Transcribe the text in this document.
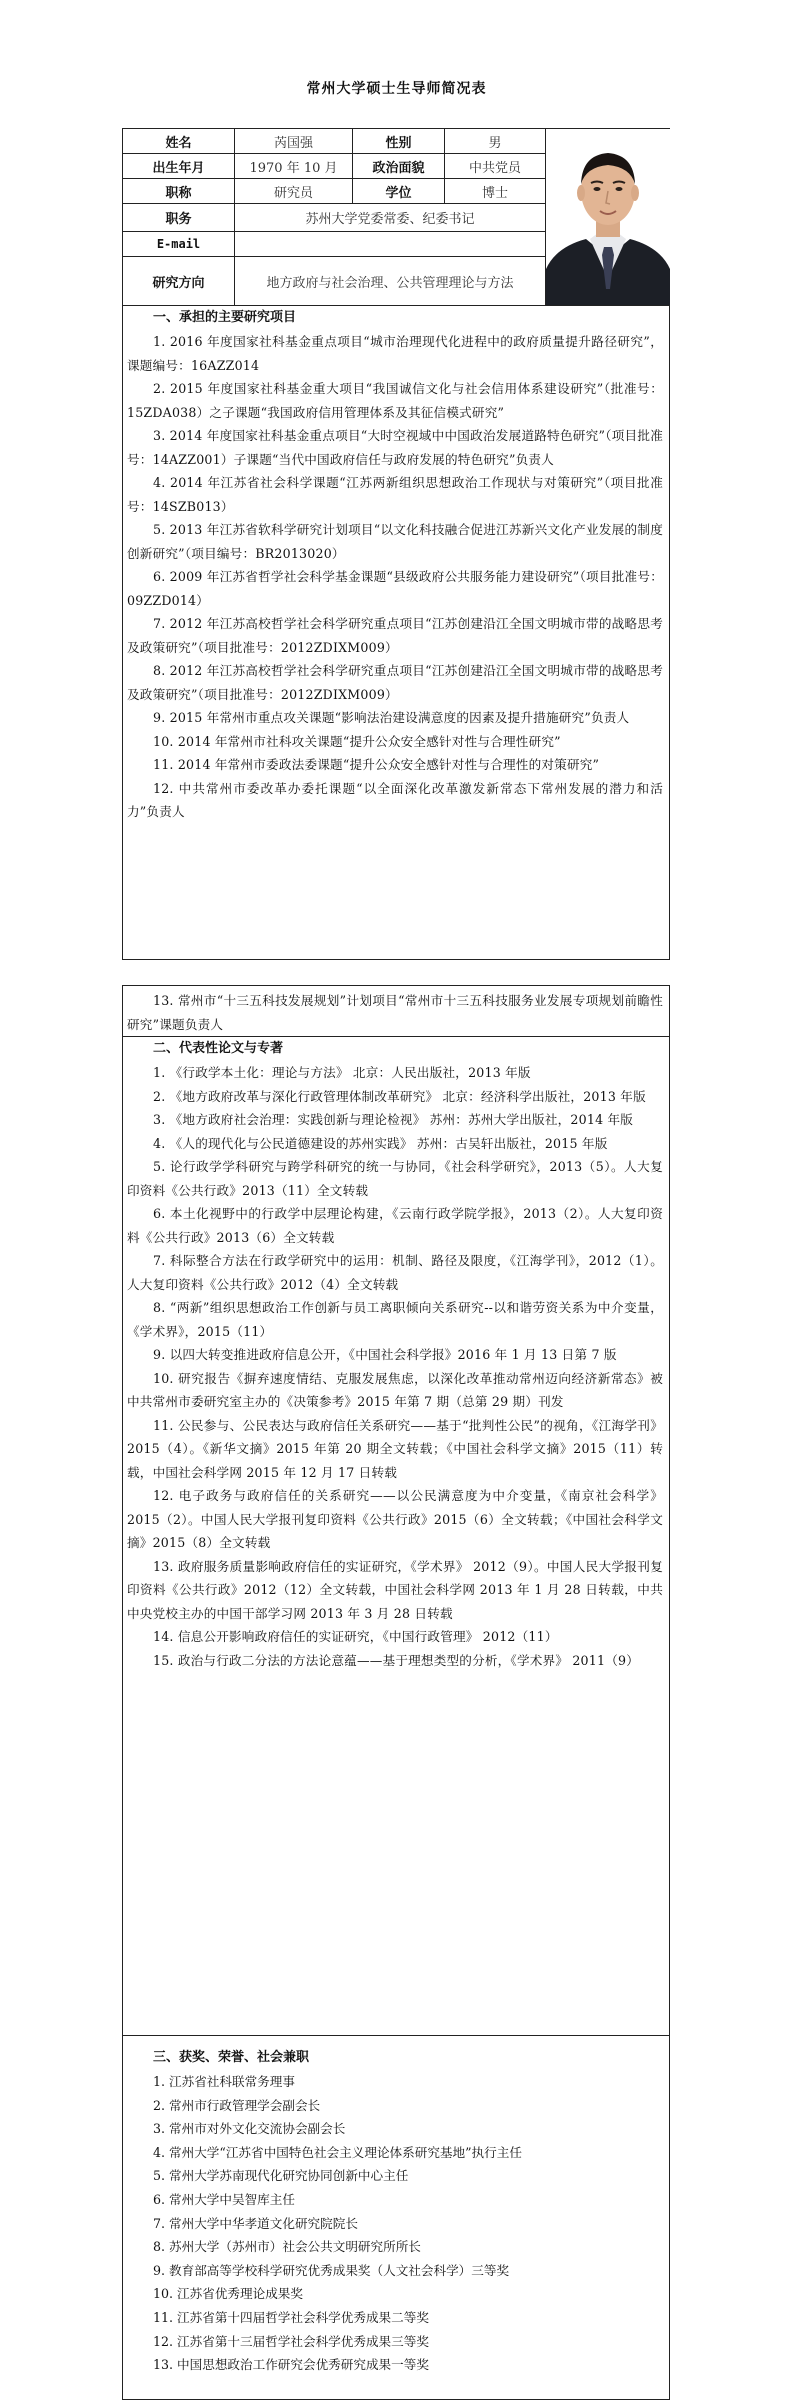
常州大学硕士生导师简况表
姓名	芮国强	性别	男
出生年月	1970 年 10 月	政治面貌	中共党员
职称	研究员	学位	博士
职务	苏州大学党委常委、纪委书记
E-mail
研究方向	地方政府与社会治理、公共管理理论与方法
一、承担的主要研究项目
1. 2016 年度国家社科基金重点项目“城市治理现代化进程中的政府质量提升路径研究”，课题编号：16AZZ014
2. 2015 年度国家社科基金重大项目“我国诚信文化与社会信用体系建设研究”（批准号：15ZDA038）之子课题“我国政府信用管理体系及其征信模式研究”
3. 2014 年度国家社科基金重点项目“大时空视域中中国政治发展道路特色研究”（项目批准号：14AZZ001）子课题“当代中国政府信任与政府发展的特色研究”负责人
4. 2014 年江苏省社会科学课题“江苏两新组织思想政治工作现状与对策研究”（项目批准号：14SZB013）
5. 2013 年江苏省软科学研究计划项目“以文化科技融合促进江苏新兴文化产业发展的制度创新研究”（项目编号：BR2013020）
6. 2009 年江苏省哲学社会科学基金课题“县级政府公共服务能力建设研究”（项目批准号：09ZZD014）
7. 2012 年江苏高校哲学社会科学研究重点项目“江苏创建沿江全国文明城市带的战略思考及政策研究”（项目批准号：2012ZDIXM009）
8. 2012 年江苏高校哲学社会科学研究重点项目“江苏创建沿江全国文明城市带的战略思考及政策研究”（项目批准号：2012ZDIXM009）
9. 2015 年常州市重点攻关课题“影响法治建设满意度的因素及提升措施研究”负责人
10. 2014 年常州市社科攻关课题“提升公众安全感针对性与合理性研究”
11. 2014 年常州市委政法委课题“提升公众安全感针对性与合理性的对策研究”
12. 中共常州市委改革办委托课题“以全面深化改革激发新常态下常州发展的潜力和活力”负责人
13. 常州市“十三五科技发展规划”计划项目“常州市十三五科技服务业发展专项规划前瞻性研究”课题负责人
二、代表性论文与专著
1. 《行政学本土化：理论与方法》 北京：人民出版社，2013 年版
2. 《地方政府改革与深化行政管理体制改革研究》 北京：经济科学出版社，2013 年版
3. 《地方政府社会治理：实践创新与理论检视》 苏州：苏州大学出版社，2014 年版
4. 《人的现代化与公民道德建设的苏州实践》 苏州：古吴轩出版社，2015 年版
5. 论行政学学科研究与跨学科研究的统一与协同，《社会科学研究》，2013（5）。人大复印资料《公共行政》2013（11）全文转载
6. 本土化视野中的行政学中层理论构建，《云南行政学院学报》，2013（2）。人大复印资料《公共行政》2013（6）全文转载
7. 科际整合方法在行政学研究中的运用：机制、路径及限度，《江海学刊》，2012（1）。人大复印资料《公共行政》2012（4）全文转载
8. “两新”组织思想政治工作创新与员工离职倾向关系研究--以和谐劳资关系为中介变量，《学术界》，2015（11）
9. 以四大转变推进政府信息公开，《中国社会科学报》2016 年 1 月 13 日第 7 版
10. 研究报告《摒弃速度情结、克服发展焦虑，以深化改革推动常州迈向经济新常态》被中共常州市委研究室主办的《决策参考》2015 年第 7 期（总第 29 期）刊发
11. 公民参与、公民表达与政府信任关系研究——基于“批判性公民”的视角，《江海学刊》 2015（4）。《新华文摘》2015 年第 20 期全文转载；《中国社会科学文摘》2015（11）转载，中国社会科学网 2015 年 12 月 17 日转载
12. 电子政务与政府信任的关系研究——以公民满意度为中介变量，《南京社会科学》2015（2）。中国人民大学报刊复印资料《公共行政》2015（6）全文转载；《中国社会科学文摘》2015（8）全文转载
13. 政府服务质量影响政府信任的实证研究，《学术界》 2012（9）。中国人民大学报刊复印资料《公共行政》2012（12）全文转载，中国社会科学网 2013 年 1 月 28 日转载，中共中央党校主办的中国干部学习网 2013 年 3 月 28 日转载
14. 信息公开影响政府信任的实证研究，《中国行政管理》 2012（11）
15. 政治与行政二分法的方法论意蕴——基于理想类型的分析，《学术界》 2011（9）
三、获奖、荣誉、社会兼职
1. 江苏省社科联常务理事
2. 常州市行政管理学会副会长
3. 常州市对外文化交流协会副会长
4. 常州大学“江苏省中国特色社会主义理论体系研究基地”执行主任
5. 常州大学苏南现代化研究协同创新中心主任
6. 常州大学中吴智库主任
7. 常州大学中华孝道文化研究院院长
8. 苏州大学（苏州市）社会公共文明研究所所长
9. 教育部高等学校科学研究优秀成果奖（人文社会科学）三等奖
10. 江苏省优秀理论成果奖
11. 江苏省第十四届哲学社会科学优秀成果二等奖
12. 江苏省第十三届哲学社会科学优秀成果三等奖
13. 中国思想政治工作研究会优秀研究成果一等奖
